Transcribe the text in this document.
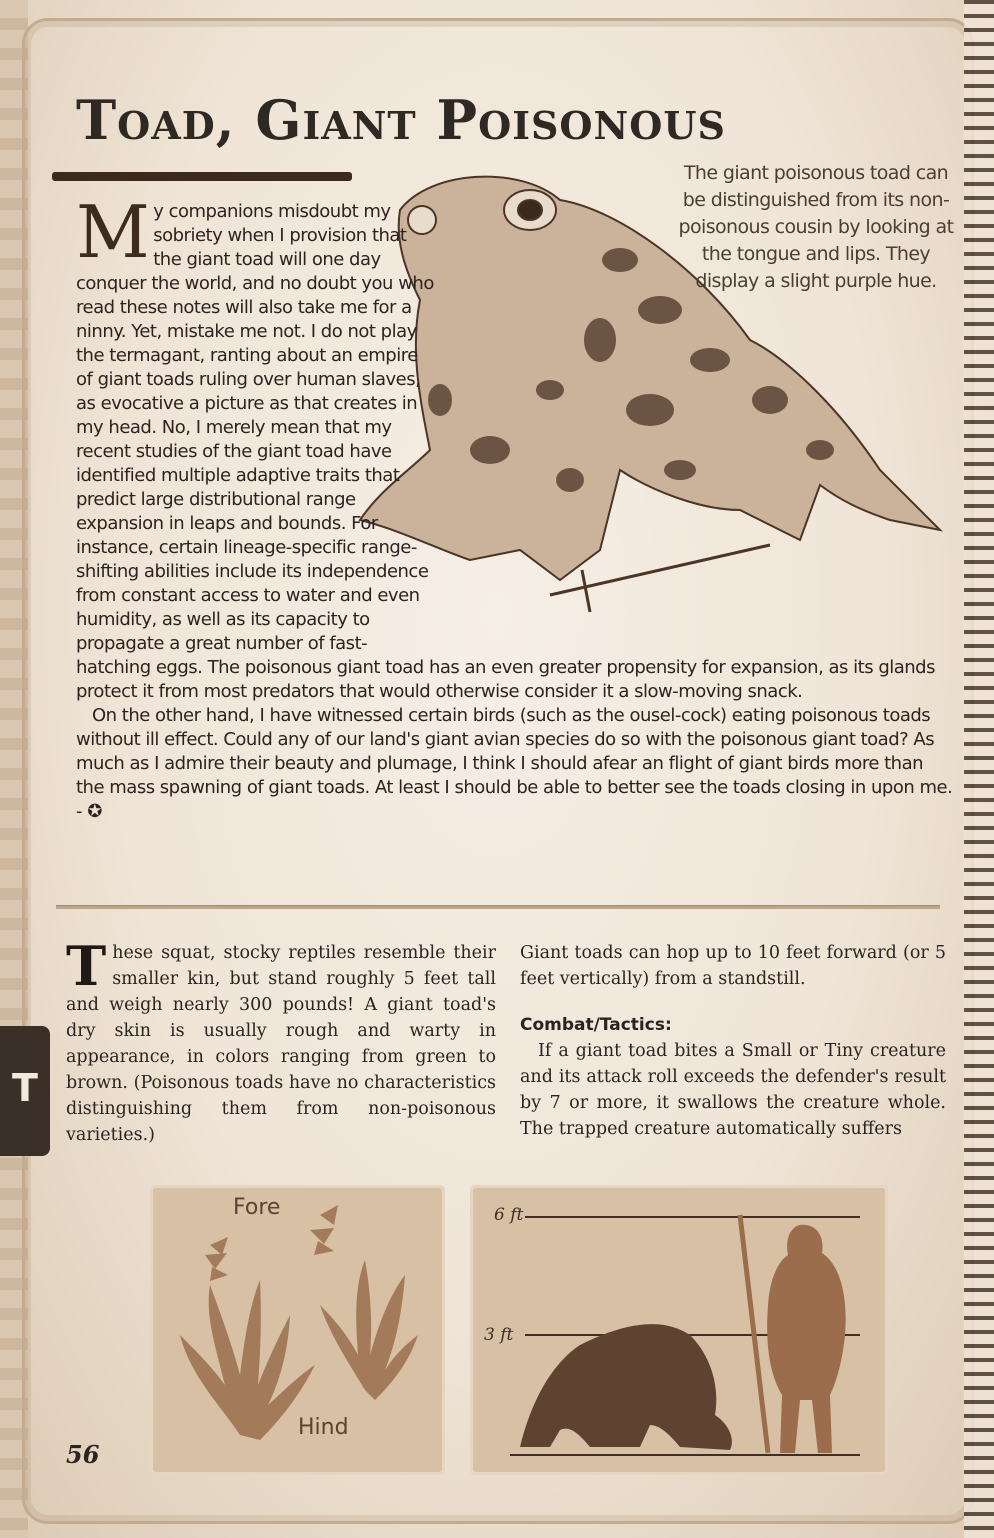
Toad, Giant Poisonous
The giant poisonous toad can be distinguished from its non-poisonous cousin by looking at the tongue and lips. They display a slight purple hue.

My companions misdoubt my sobriety when I provision that the giant toad will one day conquer the world, and no doubt you who read these notes will also take me for a ninny. Yet, mistake me not. I do not play the termagant, ranting about an empire of giant toads ruling over human slaves, as evocative a picture as that creates in my head. No, I merely mean that my recent studies of the giant toad have identified multiple adaptive traits that predict large distributional range expansion in leaps and bounds. For instance, certain lineage-specific range-shifting abilities include its independence from constant access to water and even humidity, as well as its capacity to propagate a great number of fast-hatching eggs. The poisonous giant toad has an even greater propensity for expansion, as its glands protect it from most predators that would otherwise consider it a slow-moving snack.

On the other hand, I have witnessed certain birds (such as the ousel-cock) eating poisonous toads without ill effect. Could any of our land's giant avian species do so with the poisonous giant toad? As much as I admire their beauty and plumage, I think I should afear an flight of giant birds more than the mass spawning of giant toads. At least I should be able to better see the toads closing in upon me. - ✪

These squat, stocky reptiles resemble their smaller kin, but stand roughly 5 feet tall and weigh nearly 300 pounds! A giant toad's dry skin is usually rough and warty in appearance, in colors ranging from green to brown. (Poisonous toads have no characteristics distinguishing them from non-poisonous varieties.)

Giant toads can hop up to 10 feet forward (or 5 feet vertically) from a standstill.

Combat/Tactics:

If a giant toad bites a Small or Tiny creature and its attack roll exceeds the defender's result by 7 or more, it swallows the creature whole. The trapped creature automatically suffers

T
Fore
Hind
6 ft
3 ft
56
